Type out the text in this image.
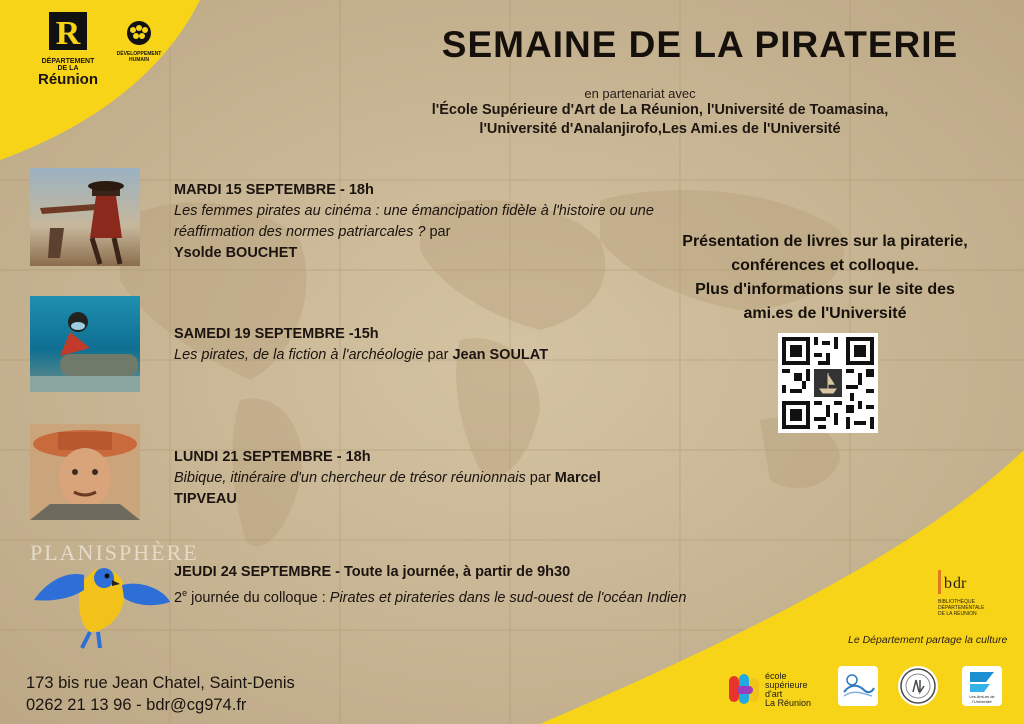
R
DÉPARTEMENT
DE LA
Réunion
DÉVELOPPEMENT
HUMAIN	SEMAINE DE LA PIRATERIE
en partenariat avec
l'École Supérieure d'Art de La Réunion, l'Université de Toamasina,
l'Université d'Analanjirofo,Les Ami.es de l'Université
PLANISPHÈRE
MARDI 15 SEPTEMBRE - 18h
Les femmes pirates au cinéma : une émancipation fidèle à l'histoire ou une réaffirmation des normes patriarcales ? par
Ysolde BOUCHET
SAMEDI 19 SEPTEMBRE -15h
Les pirates, de la fiction à l'archéologie par Jean SOULAT
LUNDI 21 SEPTEMBRE - 18h
Bibique, itinéraire d'un chercheur de trésor réunionnais par Marcel TIPVEAU
JEUDI 24 SEPTEMBRE - Toute la journée, à partir de 9h30
2e journée du colloque : Pirates et pirateries dans le sud-ouest de l'océan Indien
Présentation de livres sur la piraterie,
conférences et colloque.
Plus d'informations sur le site des
ami.es de l'Université
173 bis rue Jean Chatel, Saint-Denis
0262 21 13 96 - bdr@cg974.fr
b dr
BIBLIOTHÈQUE
DÉPARTEMENTALE
DE LA RÉUNION
Le Département partage la culture
école
supérieure
d'art
La Réunion
Les Ami-es de l'Université
